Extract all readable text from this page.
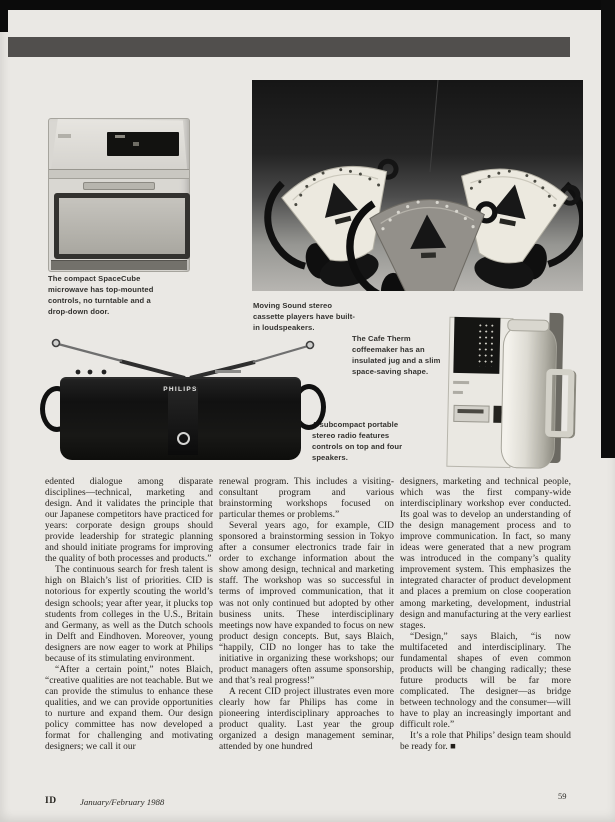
The compact SpaceCube microwave has top-mounted controls, no turntable and a drop-down door.
Moving Sound stereo cassette players have built-in loudspeakers.
The Cafe Therm coffeemaker has an insulated jug and a slim space-saving shape.
A subcompact portable stereo radio features controls on top and four speakers.
PHILIPS

edented dialogue among disparate disciplines—technical, marketing and design. And it validates the principle that our Japanese competitors have practiced for years: corporate design groups should provide leadership for strategic planning and should initiate programs for improving the quality of both processes and products.”

The continuous search for fresh talent is high on Blaich’s list of priorities. CID is notorious for expertly scouting the world’s design schools; year after year, it plucks top students from colleges in the U.S., Britain and Germany, as well as the Dutch schools in Delft and Eindhoven. Moreover, young designers are now eager to work at Philips because of its stimulating environment.

“After a certain point,” notes Blaich, “creative qualities are not teachable. But we can provide the stimulus to enhance these qualities, and we can provide opportunities to nurture and expand them. Our design policy committee has now developed a format for challenging and motivating designers; we call it our

renewal program. This includes a visiting-consultant program and various brainstorming workshops focused on particular themes or problems.”

Several years ago, for example, CID sponsored a brainstorming session in Tokyo after a consumer electronics trade fair in order to exchange information about the show among design, technical and marketing staff. The workshop was so successful in terms of improved communication, that it was not only continued but adopted by other business units. These interdisciplinary meetings now have expanded to focus on new product design concepts. But, says Blaich, “happily, CID no longer has to take the initiative in organizing these workshops; our product managers often assume sponsorship, and that’s real progress!”

A recent CID project illustrates even more clearly how far Philips has come in pioneering interdisciplinary approaches to product quality. Last year the group organized a design management seminar, attended by one hundred

designers, marketing and technical people, which was the first company-wide interdisciplinary workshop ever conducted. Its goal was to develop an understanding of the design management process and to improve communication. In fact, so many ideas were generated that a new program was introduced in the company’s quality improvement system. This emphasizes the integrated character of product development and places a premium on close cooperation among marketing, development, industrial design and manufacturing at the very earliest stages.

“Design,” says Blaich, “is now multifaceted and interdisciplinary. The fundamental shapes of even common products will be changing radically; these future products will be far more complicated. The designer—as bridge between technology and the consumer—will have to play an increasingly important and difficult role.”

It’s a role that Philips’ design team should be ready for. ■

ID	January/February 1988
59
